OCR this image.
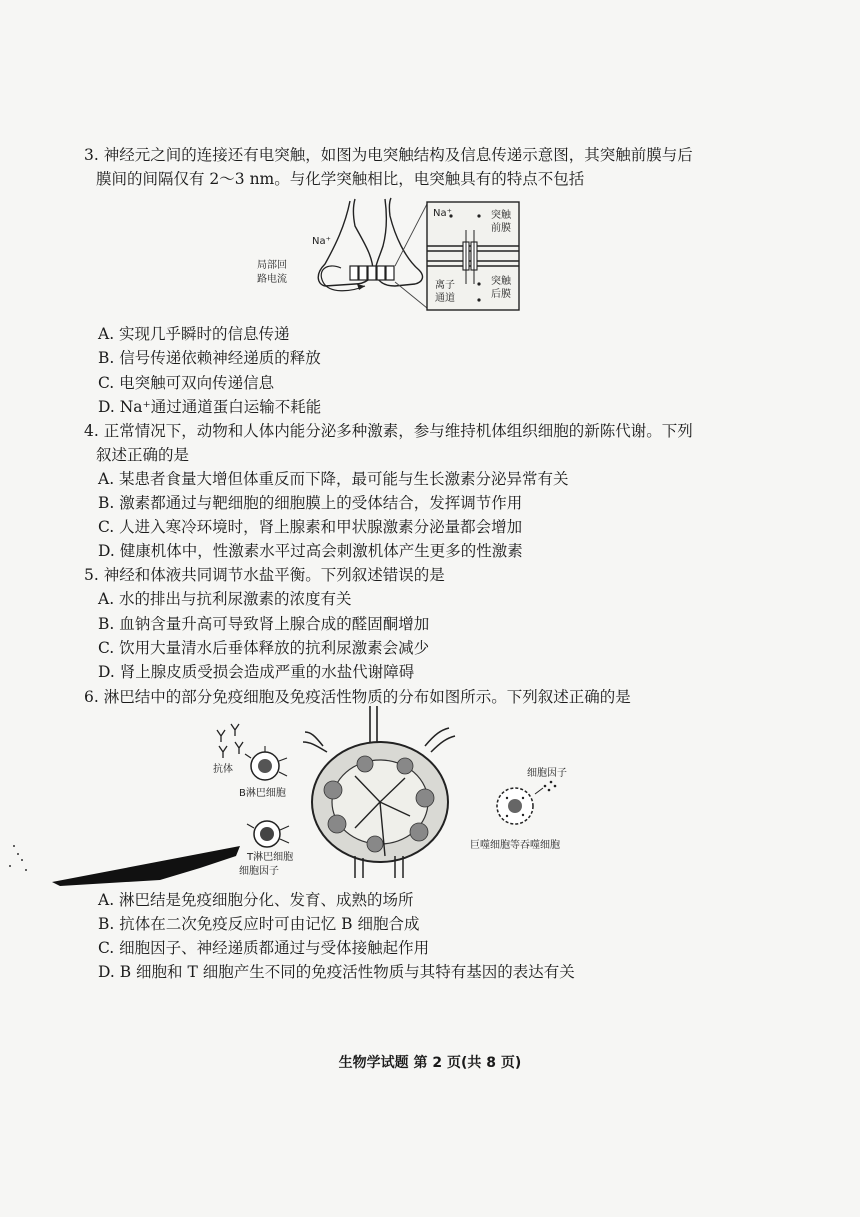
3. 神经元之间的连接还有电突触，如图为电突触结构及信息传递示意图，其突触前膜与后
膜间的间隔仅有 2～3 nm。与化学突触相比，电突触具有的特点不包括
Na⁺
局部回
路电流
Na⁺	突触
前膜
突触
后膜
离子
通道
A. 实现几乎瞬时的信息传递
B. 信号传递依赖神经递质的释放
C. 电突触可双向传递信息
D. Na⁺通过通道蛋白运输不耗能
4. 正常情况下，动物和人体内能分泌多种激素，参与维持机体组织细胞的新陈代谢。下列
叙述正确的是
A. 某患者食量大增但体重反而下降，最可能与生长激素分泌异常有关
B. 激素都通过与靶细胞的细胞膜上的受体结合，发挥调节作用
C. 人进入寒冷环境时，肾上腺素和甲状腺激素分泌量都会增加
D. 健康机体中，性激素水平过高会刺激机体产生更多的性激素
5. 神经和体液共同调节水盐平衡。下列叙述错误的是
A. 水的排出与抗利尿激素的浓度有关
B. 血钠含量升高可导致肾上腺合成的醛固酮增加
C. 饮用大量清水后垂体释放的抗利尿激素会减少
D. 肾上腺皮质受损会造成严重的水盐代谢障碍
6. 淋巴结中的部分免疫细胞及免疫活性物质的分布如图所示。下列叙述正确的是
抗体
B淋巴细胞
T淋巴细胞
细胞因子
细胞因子
巨噬细胞等吞噬细胞
A. 淋巴结是免疫细胞分化、发育、成熟的场所
B. 抗体在二次免疫反应时可由记忆 B 细胞合成
C. 细胞因子、神经递质都通过与受体接触起作用
D. B 细胞和 T 细胞产生不同的免疫活性物质与其特有基因的表达有关
生物学试题 第 2 页(共 8 页)
